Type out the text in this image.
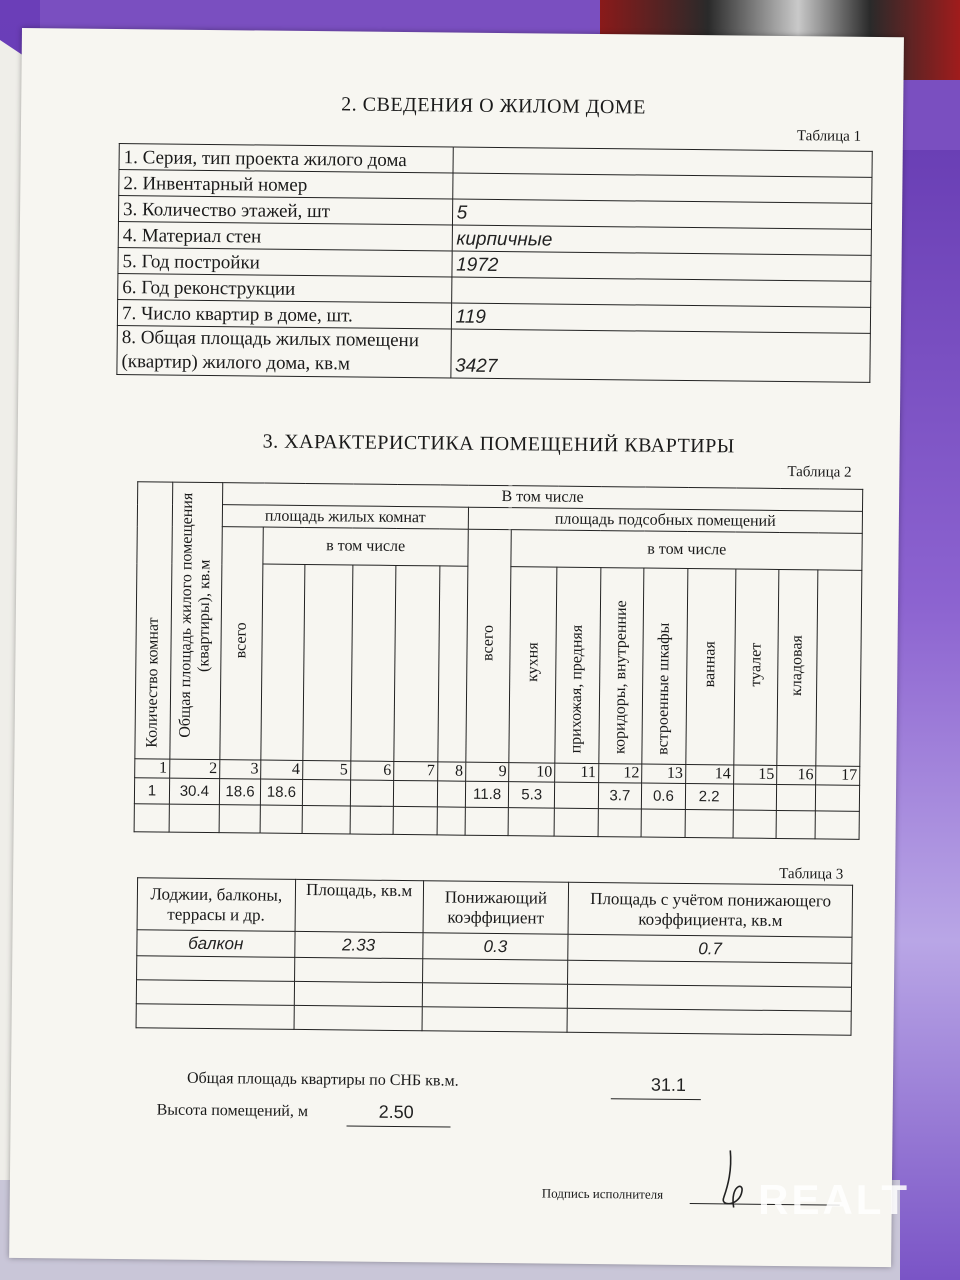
2. СВЕДЕНИЯ О ЖИЛОМ ДОМЕ
Таблица 1
1. Серия, тип проекта жилого дома	
2. Инвентарный номер	
3. Количество этажей, шт	5
4. Материал стен	кирпичные
5. Год постройки	1972
6. Год реконструкции	
7. Число квартир в доме, шт.	119

8. Общая площадь жилых помещени
(квартир) жилого дома, кв.м	3427
3. ХАРАКТЕРИСТИКА ПОМЕЩЕНИЙ КВАРТИРЫ
Таблица 2
Количество комнат	Общая площадь жилого помещения (квартиры), кв.м	В том числе														
		площадь жилых комнат						площадь подсобных помещений								
		всего	в том числе					всего	в том числе							
									кухня	прихожая, предняя	коридоры, внутренние	встроенные шкафы	ванная	туалет	кладовая	
1	2	3	4	5	6	7	8	9	10	11	12	13	14	15	16	17
1	30.4	18.6	18.6					11.8	5.3		3.7	0.6	2.2			

Таблица 3
Лоджии, балконы, террасы и др.	Площадь, кв.м	Понижающий коэффициент	Площадь с учётом понижающего коэффициента, кв.м
балкон	2.33	0.3	0.7

Общая площадь квартиры по СНБ кв.м.	31.1
Высота помещений, м	2.50
Подпись исполнителя REALT
